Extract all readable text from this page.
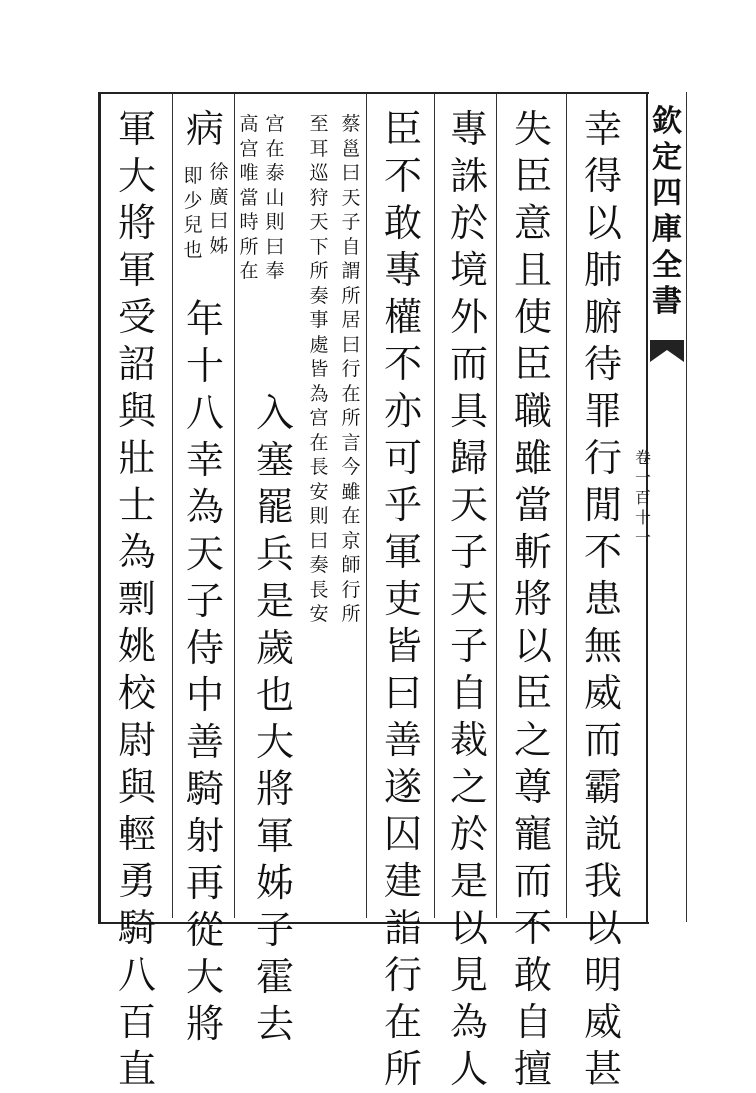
欽
定
四
庫
全
書
卷
一
百
十
一
幸
得
以
肺
腑
待
罪
行
閒
不
患
無
威
而
霸
説
我
以
明
威
甚
失
臣
意
且
使
臣
職
雖
當
斬
將
以
臣
之
尊
寵
而
不
敢
自
擅
專
誅
於
境
外
而
具
歸
天
子
天
子
自
裁
之
於
是
以
見
為
人
臣
不
敢
專
權
不
亦
可
乎
軍
吏
皆
曰
善
遂
囚
建
詣
行
在
所
蔡
邕
曰
天
子
自
謂
所
居
曰
行
在
所
言
今
雖
在
京
師
行
所
至
耳
巡
狩
天
下
所
奏
事
處
皆
為
宫
在
長
安
則
曰
奏
長
安
宫
在
泰
山
則
曰
奉
入
塞
罷
兵
是
歲
也
大
將
軍
姊
子
霍
去
高
宫
唯
當
時
所
在
徐
廣
曰
姊
年
十
八
幸
為
天
子
侍
中
善
騎
射
再
從
大
將
即
少
兒
也
病
軍
大
將
軍
受
詔
與
壯
士
為
剽
姚
校
尉
與
輕
勇
騎
八
百
直
